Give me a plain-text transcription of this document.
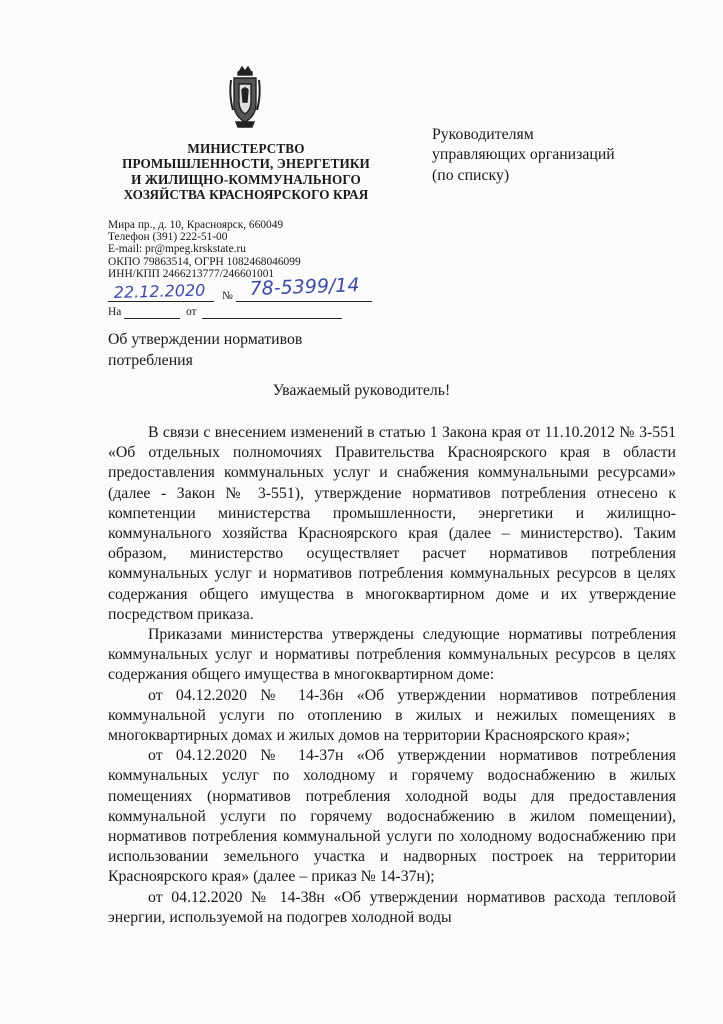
МИНИСТЕРСТВО
ПРОМЫШЛЕННОСТИ, ЭНЕРГЕТИКИ
И ЖИЛИЩНО-КОММУНАЛЬНОГО
ХОЗЯЙСТВА КРАСНОЯРСКОГО КРАЯ
Руководителям
управляющих организаций
(по списку)
Мира пр., д. 10, Красноярск, 660049
Телефон (391) 222-51-00
E-mail: pr@mpeg.krskstate.ru
ОКПО 79863514, ОГРН 1082468046099
ИНН/КПП 2466213777/246601001
№
На	от
22.12.2020 78-5399/14
Об утверждении нормативов
потребления
Уважаемый руководитель!

В связи с внесением изменений в статью 1 Закона края от 11.10.2012 № 3-551 «Об отдельных полномочиях Правительства Красноярского края в области предоставления коммунальных услуг и снабжения коммунальными ресурсами» (далее - Закон № 3-551), утверждение нормативов потребления отнесено к компетенции министерства промышленности, энергетики и жилищно-коммунального хозяйства Красноярского края (далее – министерство). Таким образом, министерство осуществляет расчет нормативов потребления коммунальных услуг и нормативов потребления коммунальных ресурсов в целях содержания общего имущества в многоквартирном доме и их утверждение посредством приказа.

Приказами министерства утверждены следующие нормативы потребления коммунальных услуг и нормативы потребления коммунальных ресурсов в целях содержания общего имущества в многоквартирном доме:

от 04.12.2020 № 14-36н «Об утверждении нормативов потребления коммунальной услуги по отоплению в жилых и нежилых помещениях в многоквартирных домах и жилых домов на территории Красноярского края»;

от 04.12.2020 № 14-37н «Об утверждении нормативов потребления коммунальных услуг по холодному и горячему водоснабжению в жилых помещениях (нормативов потребления холодной воды для предоставления коммунальной услуги по горячему водоснабжению в жилом помещении), нормативов потребления коммунальной услуги по холодному водоснабжению при использовании земельного участка и надворных построек на территории Красноярского края» (далее – приказ № 14-37н);

от 04.12.2020 № 14-38н «Об утверждении нормативов расхода тепловой энергии, используемой на подогрев холодной воды
